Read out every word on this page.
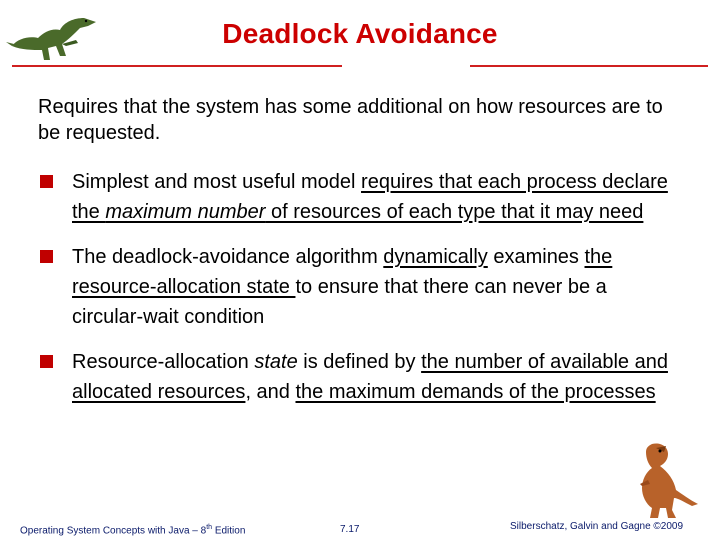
Deadlock Avoidance
Requires that the system has some additional on how resources are to be requested.
Simplest and most useful model requires that each process declare the maximum number of resources of each type that it may need
The deadlock-avoidance algorithm dynamically examines the resource-allocation state to ensure that there can never be a circular-wait condition
Resource-allocation state is defined by the number of available and allocated resources, and the maximum demands of the processes
Operating System Concepts with Java – 8th Edition	7.17	Silberschatz, Galvin and Gagne ©2009
